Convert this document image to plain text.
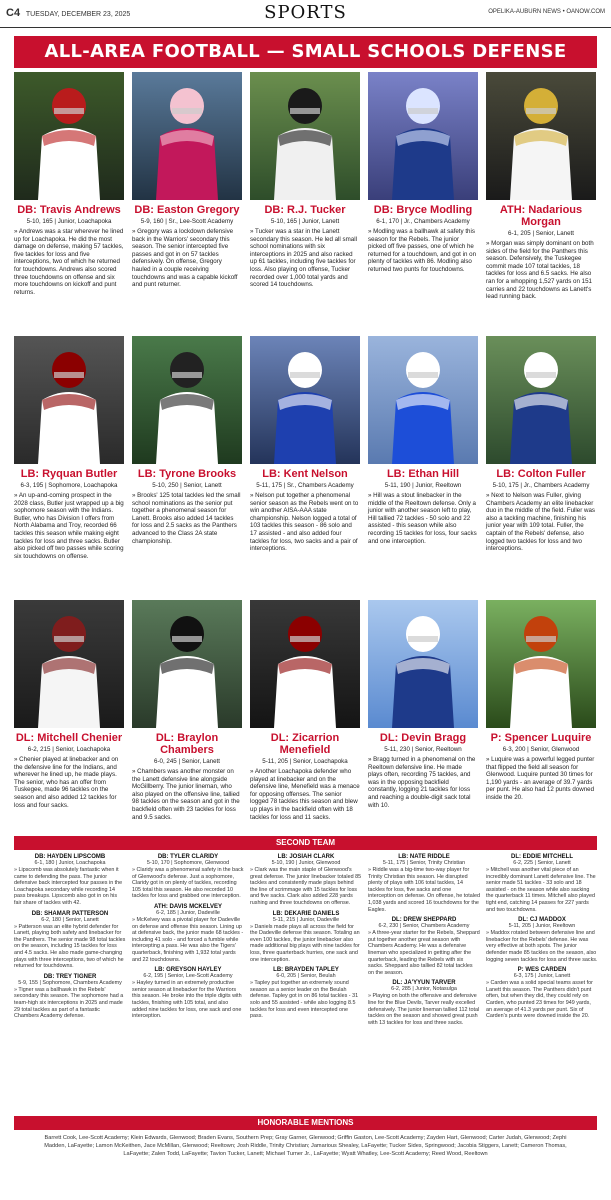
C4 TUESDAY, DECEMBER 23, 2025	SPORTS	OPELIKA-AUBURN NEWS • OANOW.COM
ALL-AREA FOOTBALL — SMALL SCHOOLS DEFENSE
DB: Travis Andrews
5-10, 165 | Junior, Loachapoka
» Andrews was a star wherever he lined up for Loachapoka. He did the most damage on defense, making 57 tackles, five tackles for loss and five interceptions, two of which he returned for touchdowns. Andrews also scored three touchdowns on offense and six more touchdowns on kickoff and punt returns.
DB: Easton Gregory
5-9, 160 | Sr., Lee-Scott Academy
» Gregory was a lockdown defensive back in the Warriors' secondary this season. The senior intercepted five passes and got in on 57 tackles defensively. On offense, Gregory hauled in a couple receiving touchdowns and was a capable kickoff and punt returner.
DB: R.J. Tucker
5-10, 165 | Junior, Lanett
» Tucker was a star in the Lanett secondary this season. He led all small school nominations with six interceptions in 2025 and also racked up 61 tackles, including five tackles for loss. Also playing on offense, Tucker recorded over 1,000 total yards and scored 14 touchdowns.
DB: Bryce Modling
6-1, 170 | Jr., Chambers Academy
» Modling was a ballhawk at safety this season for the Rebels. The junior picked off five passes, one of which he returned for a touchdown, and got in on plenty of tackles with 86. Modling also returned two punts for touchdowns.
ATH: Nadarious Morgan
6-1, 205 | Senior, Lanett
» Morgan was simply dominant on both sides of the field for the Panthers this season. Defensively, the Tuskegee commit made 107 total tackles, 18 tackles for loss and 6.5 sacks. He also ran for a whopping 1,527 yards on 151 carries and 22 touchdowns as Lanett's lead running back.
LB: Ryquan Butler
6-3, 195 | Sophomore, Loachapoka
» An up-and-coming prospect in the 2028 class, Butler just wrapped up a big sophomore season with the Indians. Butler, who has Division I offers from North Alabama and Troy, recorded 66 tackles this season while making eight tackles for loss and three sacks. Butler also picked off two passes while scoring six touchdowns on offense.
LB: Tyrone Brooks
5-10, 250 | Senior, Lanett
» Brooks' 125 total tackles led the small school nominations as the senior put together a phenomenal season for Lanett. Brooks also added 14 tackles for loss and 2.5 sacks as the Panthers advanced to the Class 2A state championship.
LB: Kent Nelson
5-11, 175 | Sr., Chambers Academy
» Nelson put together a phenomenal senior season as the Rebels went on to win another AISA-AAA state championship. Nelson logged a total of 103 tackles this season - 86 solo and 17 assisted - and also added four tackles for loss, two sacks and a pair of interceptions.
LB: Ethan Hill
5-11, 190 | Junior, Reeltown
» Hill was a stout linebacker in the middle of the Reeltown defense. Only a junior with another season left to play, Hill tallied 72 tackles - 50 solo and 22 assisted - this season while also recording 15 tackles for loss, four sacks and one interception.
LB: Colton Fuller
5-10, 175 | Jr., Chambers Academy
» Next to Nelson was Fuller, giving Chambers Academy an elite linebacker duo in the middle of the field. Fuller was also a tackling machine, finishing his junior year with 109 total. Fuller, the captain of the Rebels' defense, also logged two tackles for loss and two interceptions.
DL: Mitchell Chenier
6-2, 215 | Senior, Loachapoka
» Chenier played at linebacker and on the defensive line for the Indians, and wherever he lined up, he made plays. The senior, who has an offer from Tuskegee, made 96 tackles on the season and also added 12 tackles for loss and four sacks.
DL: Braylon Chambers
6-0, 245 | Senior, Lanett
» Chambers was another monster on the Lanett defensive line alongside McGillberry. The junior lineman, who also played on the offensive line, tallied 98 tackles on the season and got in the backfield often with 23 tackles for loss and 9.5 sacks.
DL: Zicarrion Menefield
5-11, 205 | Senior, Loachapoka
» Another Loachapoka defender who played at linebacker and on the defensive line, Menefield was a menace for opposing offenses. The senior logged 78 tackles this season and blew up plays in the backfield often with 18 tackles for loss and 11 sacks.
DL: Devin Bragg
5-11, 230 | Senior, Reeltown
» Bragg turned in a phenomenal on the Reeltown defensive line. He made plays often, recording 75 tackles, and was in the opposing backfield constantly, logging 21 tackles for loss and reaching a double-digit sack total with 10.
P: Spencer Luquire
6-3, 200 | Senior, Glenwood
» Luquire was a powerful legged punter that flipped the field all season for Glenwood. Luquire punted 30 times for 1,190 yards - an average of 39.7 yards per punt. He also had 12 punts downed inside the 20.
SECOND TEAM
DB: HAYDEN LIPSCOMB
6-1, 180 | Junior, Loachapoka
» Lipscomb was absolutely fantastic when it came to defending the pass. The junior defensive back intercepted four passes in the Loachapoka secondary while recording 14 pass breakups. Lipscomb also got in on his fair share of tackles with 42.
DB: SHAMAR PATTERSON
6-2, 180 | Senior, Lanett
» Patterson was an elite hybrid defender for Lanett, playing both safety and linebacker for the Panthers. The senior made 98 total tackles on the season, including 15 tackles for loss and 4.5 sacks. He also made game-changing plays with three interceptions, two of which he returned for touchdowns.
DB: TREY TIGNER
5-9, 155 | Sophomore, Chambers Academy
» Tigner was a ballhawk in the Rebels' secondary this season. The sophomore had a team-high six interceptions in 2025 and made 29 total tackles as part of a fantastic Chambers Academy defense.
DB: TYLER CLARIDY
5-10, 170 | Sophomore, Glenwood
» Claridy was a phenomenal safety in the back of Glenwood's defense. Just a sophomore, Claridy got in on plenty of tackles, recording 105 total this season. He also recorded 10 tackles for loss and grabbed one interception.
ATH: DAVIS MCKELVEY
6-2, 185 | Junior, Dadeville
» McKelvey was a pivotal player for Dadeville on defense and offense this season. Lining up at defensive back, the junior made 68 tackles - including 41 solo - and forced a fumble while intercepting a pass. He was also the Tigers' quarterback, finishing with 1,932 total yards and 22 touchdowns.
LB: GREYSON HAYLEY
6-2, 195 | Senior, Lee-Scott Academy
» Hayley turned in an extremely productive senior season at linebacker for the Warriors this season. He broke into the triple digits with tackles, finishing with 105 total, and also added nine tackles for loss, one sack and one interception.
LB: JOSIAH CLARK
5-10, 190 | Junior, Glenwood
» Clark was the main staple of Glenwood's great defense. The junior linebacker totaled 85 tackles and consistently made plays behind the line of scrimmage with 15 tackles for loss and five sacks. Clark also added 228 yards rushing and three touchdowns on offense.
LB: DEKARIE DANIELS
5-11, 215 | Junior, Dadeville
» Daniels made plays all across the field for the Dadeville defense this season. Totaling an even 100 tackles, the junior linebacker also made additional big plays with nine tackles for loss, three quarterback hurries, one sack and one interception.
LB: BRAYDEN TAPLEY
6-0, 205 | Senior, Beulah
» Tapley put together an extremely sound season as a senior leader on the Beulah defense. Tapley got in on 86 total tackles - 31 solo and 55 assisted - while also logging 8.5 tackles for loss and even intercepted one pass.
LB: NATE RIDDLE
5-11, 175 | Senior, Trinity Christian
» Riddle was a big-time two-way player for Trinity Christian this season. He disrupted plenty of plays with 106 total tackles, 14 tackles for loss, five sacks and one interception on defense. On offense, he totaled 1,038 yards and scored 16 touchdowns for the Eagles.
DL: DREW SHEPPARD
6-2, 230 | Senior, Chambers Academy
» A three-year starter for the Rebels, Sheppard put together another great season with Chambers Academy. He was a defensive lineman who specialized in getting after the quarterback, leading the Rebels with six sacks. Sheppard also tallied 82 total tackles on the season.
DL: JA'YYUN TARVER
6-2, 285 | Junior, Notasulga
» Playing on both the offensive and defensive line for the Blue Devils, Tarver really excelled defensively. The junior lineman tallied 112 total tackles on the season and showed great push with 13 tackles for loss and three sacks.
DL: EDDIE MITCHELL
6-2, 225 | Senior, Lanett
» Mitchell was another vital piece of an incredibly dominant Lanett defensive line. The senior made 51 tackles - 33 solo and 18 assisted - on the season while also sacking the quarterback 11 times. Mitchell also played tight end, catching 14 passes for 227 yards and two touchdowns.
DL: CJ MADDOX
5-11, 205 | Junior, Reeltown
» Maddox rotated between defensive line and linebacker for the Rebels' defense. He was very effective at both spots. The junior defender made 85 tackles on the season, also logging seven tackles for loss and three sacks.
P: WES CARDEN
6-3, 175 | Junior, Lanett
» Carden was a solid special teams asset for Lanett this season. The Panthers didn't punt often, but when they did, they could rely on Carden, who punted 23 times for 949 yards, an average of 41.3 yards per punt. Six of Carden's punts were downed inside the 20.
HONORABLE MENTIONS
Barrett Cook, Lee-Scott Academy; Klein Edwards, Glenwood; Braden Evans, Southern Prep; Gray Garner, Glenwood; Griffin Gaston, Lee-Scott Academy; Zayden Hart, Glenwood; Carter Judah, Glenwood; Zephi Madden, LaFayette; Lamon McKeithen, Jace McMillan, Glenwood; Reeltown; Josh Riddle, Trinity Christian; Jamarious Shealey, LaFayette; Tucker Sides, Springwood; Jacobia Stiggers, Lanett; Cameron Thomas, LaFayette; Zalen Todd, LaFayette; Tavion Tucker, Lanett; Michael Turner Jr., LaFayette; Wyatt Whatley, Lee-Scott Academy; Reed Wood, Reeltown
